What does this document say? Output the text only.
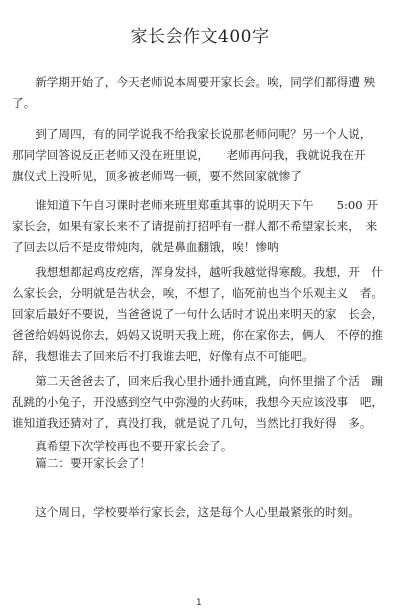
家长会作文400字
　　新学期开始了，今天老师说本周要开家长会。唉，同学们都得遭 殃
了。
　　到了周四，有的同学说我不给我家长说那老师问呢？另一个人说，
那同学回答说反正老师又没在班里说，　　老师再问我，我就说我在开
旗仪式上没听见，顶多被老师骂一顿，要不然回家就惨了
　　谁知道下午自习课时老师来班里郑重其事的说明天下午　　5:00 开
家长会，如果有家长来不了请提前打招呼有一群人都不希望家长来，　来
了回去以后不是皮带炖肉，就是鼻血翻饿，唉！惨呐
　　我想想都起鸡皮疙瘩，浑身发抖，越听我越觉得寒酸。我想，开　什
么家长会，分明就是告状会，唉，不想了，临死前也当个乐观主义　者。
回家后最好不要说，当爸爸说了一句什么话时才说出来明天的家　长会，
爸爸给妈妈说你去，妈妈又说明天我上班，你在家你去，俩人　不停的推
辞，我想谁去了回来后不打我谁去吧，好像有点不可能吧。
　　第二天爸爸去了，回来后我心里扑通扑通直跳，向怀里揣了个活　蹦
乱跳的小兔子，开没感到空气中弥漫的火药味，我想今天应该没事　吧，
谁知道我还猜对了，真没打我，就是说了几句，当然比打我好得　多。
　　真希望下次学校再也不要开家长会了。
　　篇二：要开家长会了！
　　这个周日，学校要举行家长会，这是每个人心里最紧张的时刻。
1
